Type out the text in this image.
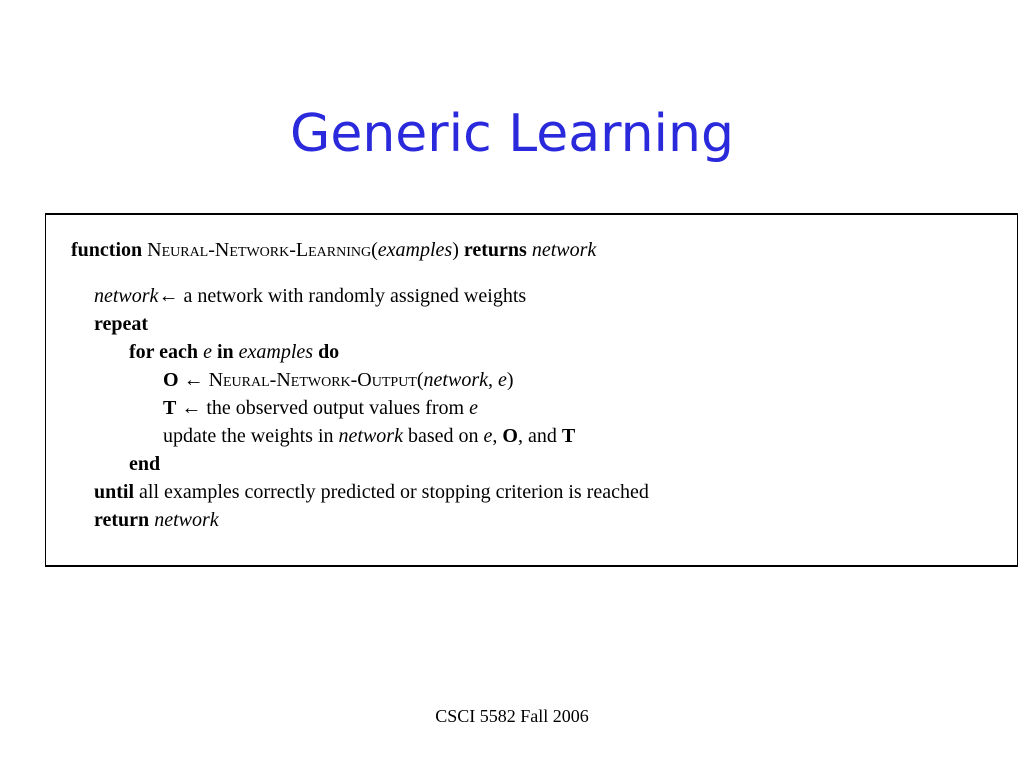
Generic Learning
function Neural-Network-Learning(examples) returns network
network← a network with randomly assigned weights
repeat
for each e in examples do
O ← Neural-Network-Output(network, e)
T ← the observed output values from e
update the weights in network based on e, O, and T
end
until all examples correctly predicted or stopping criterion is reached
return network
CSCI 5582 Fall 2006
